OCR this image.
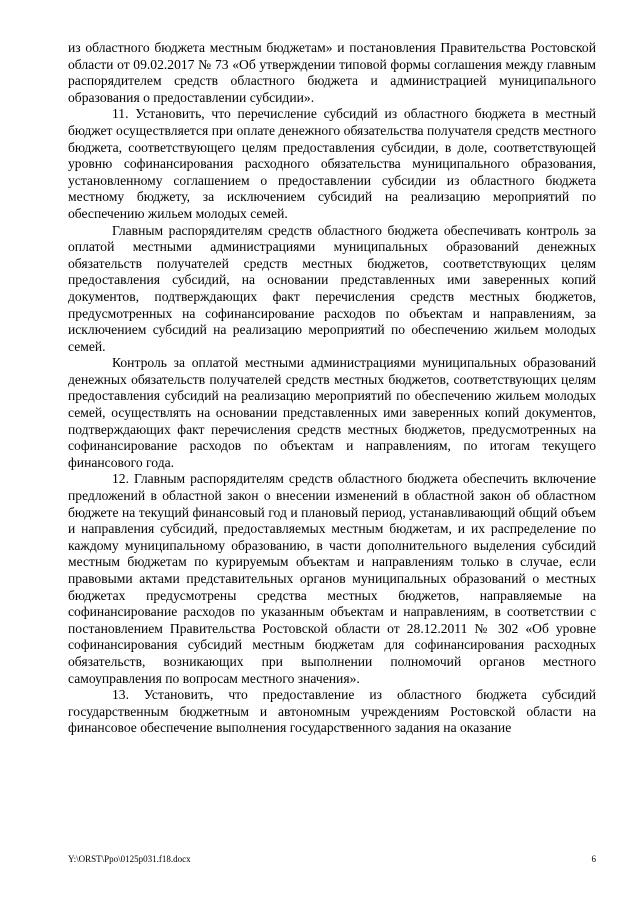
из областного бюджета местным бюджетам» и постановления Правительства Ростовской области от 09.02.2017 № 73 «Об утверждении типовой формы соглашения между главным распорядителем средств областного бюджета и администрацией муниципального образования о предоставлении субсидии».

11. Установить, что перечисление субсидий из областного бюджета в местный бюджет осуществляется при оплате денежного обязательства получателя средств местного бюджета, соответствующего целям предоставления субсидии, в доле, соответствующей уровню софинансирования расходного обязательства муниципального образования, установленному соглашением о предоставлении субсидии из областного бюджета местному бюджету, за исключением субсидий на реализацию мероприятий по обеспечению жильем молодых семей.

Главным распорядителям средств областного бюджета обеспечивать контроль за оплатой местными администрациями муниципальных образований денежных обязательств получателей средств местных бюджетов, соответствующих целям предоставления субсидий, на основании представленных ими заверенных копий документов, подтверждающих факт перечисления средств местных бюджетов, предусмотренных на софинансирование расходов по объектам и направлениям, за исключением субсидий на реализацию мероприятий по обеспечению жильем молодых семей.

Контроль за оплатой местными администрациями муниципальных образований денежных обязательств получателей средств местных бюджетов, соответствующих целям предоставления субсидий на реализацию мероприятий по обеспечению жильем молодых семей, осуществлять на основании представленных ими заверенных копий документов, подтверждающих факт перечисления средств местных бюджетов, предусмотренных на софинансирование расходов по объектам и направлениям, по итогам текущего финансового года.

12. Главным распорядителям средств областного бюджета обеспечить включение предложений в областной закон о внесении изменений в областной закон об областном бюджете на текущий финансовый год и плановый период, устанавливающий общий объем и направления субсидий, предоставляемых местным бюджетам, и их распределение по каждому муниципальному образованию, в части дополнительного выделения субсидий местным бюджетам по курируемым объектам и направлениям только в случае, если правовыми актами представительных органов муниципальных образований о местных бюджетах предусмотрены средства местных бюджетов, направляемые на софинансирование расходов по указанным объектам и направлениям, в соответствии с постановлением Правительства Ростовской области от 28.12.2011 № 302 «Об уровне софинансирования субсидий местным бюджетам для софинансирования расходных обязательств, возникающих при выполнении полномочий органов местного самоуправления по вопросам местного значения».

13. Установить, что предоставление из областного бюджета субсидий государственным бюджетным и автономным учреждениям Ростовской области на финансовое обеспечение выполнения государственного задания на оказание

Y:\ORST\Ppo\0125p031.f18.docx	6
